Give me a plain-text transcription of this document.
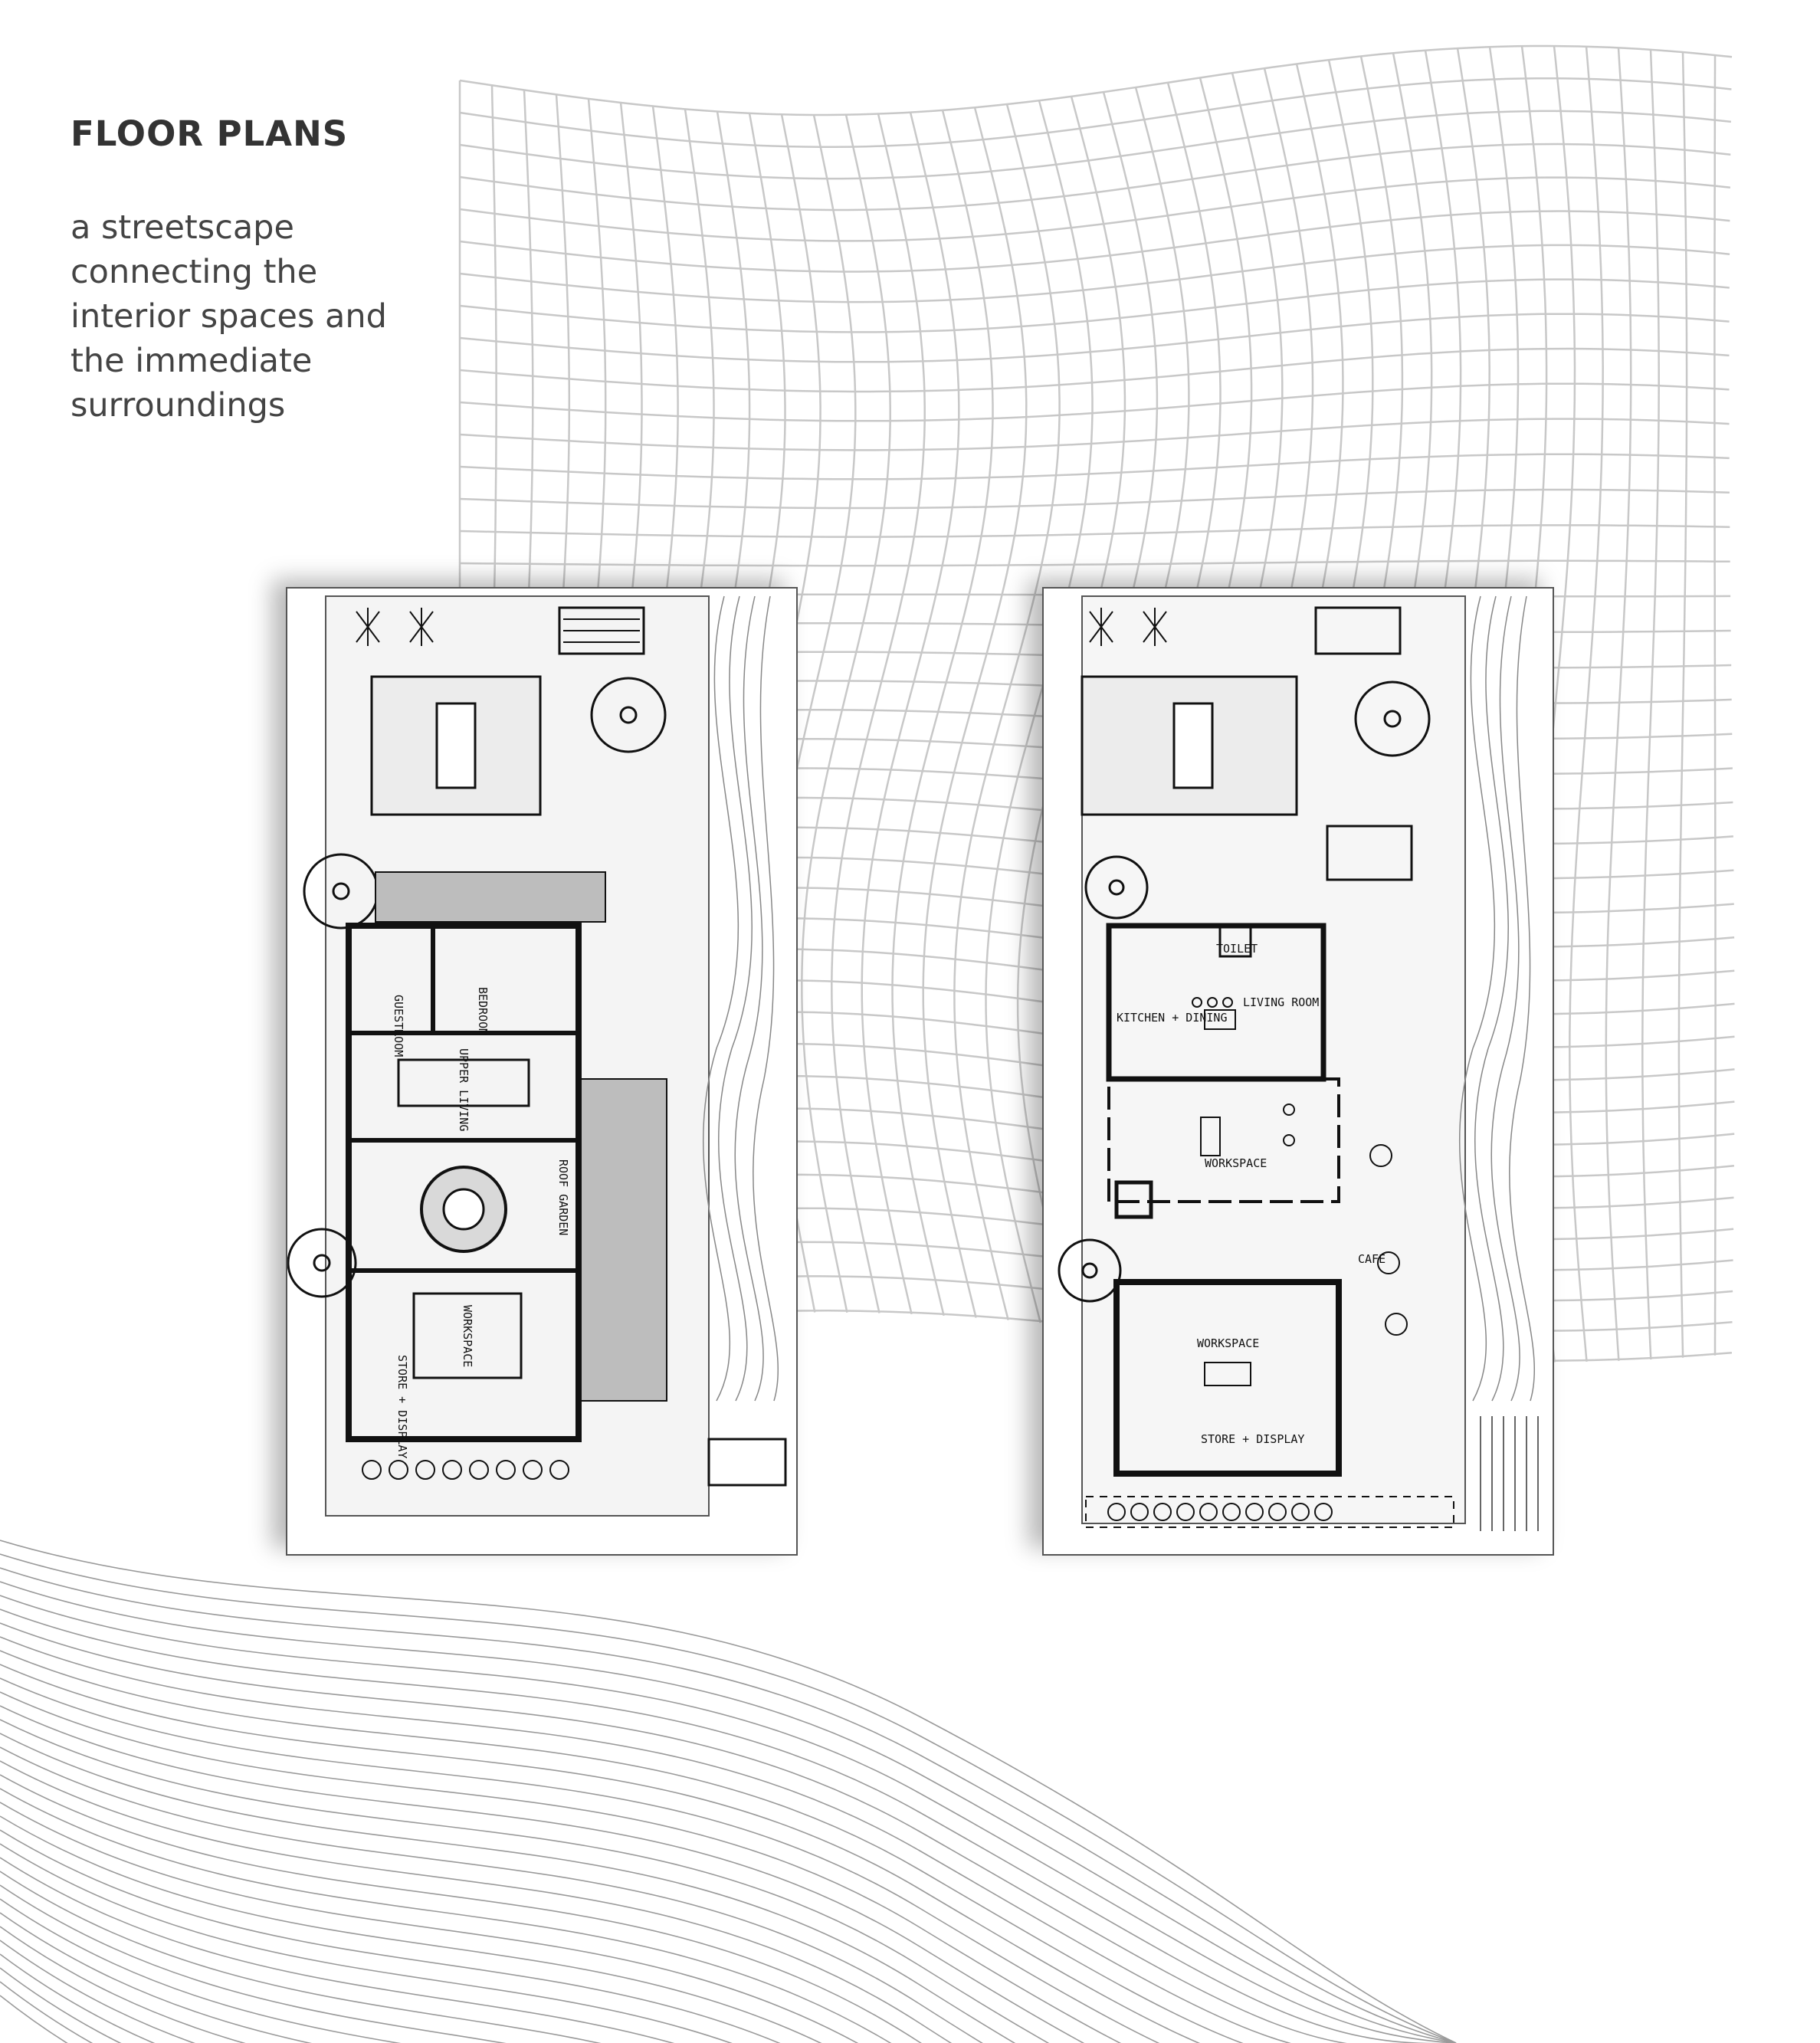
FLOOR PLANS
a streetscape
connecting the
interior spaces and
the immediate
surroundings
GUESTROOM	BEDROOM
UPPER LIVING
ROOF GARDEN
WORKSPACE
STORE + DISPLAY
TOILET
KITCHEN + DINING
LIVING ROOM
WORKSPACE
CAFE
WORKSPACE
STORE + DISPLAY
